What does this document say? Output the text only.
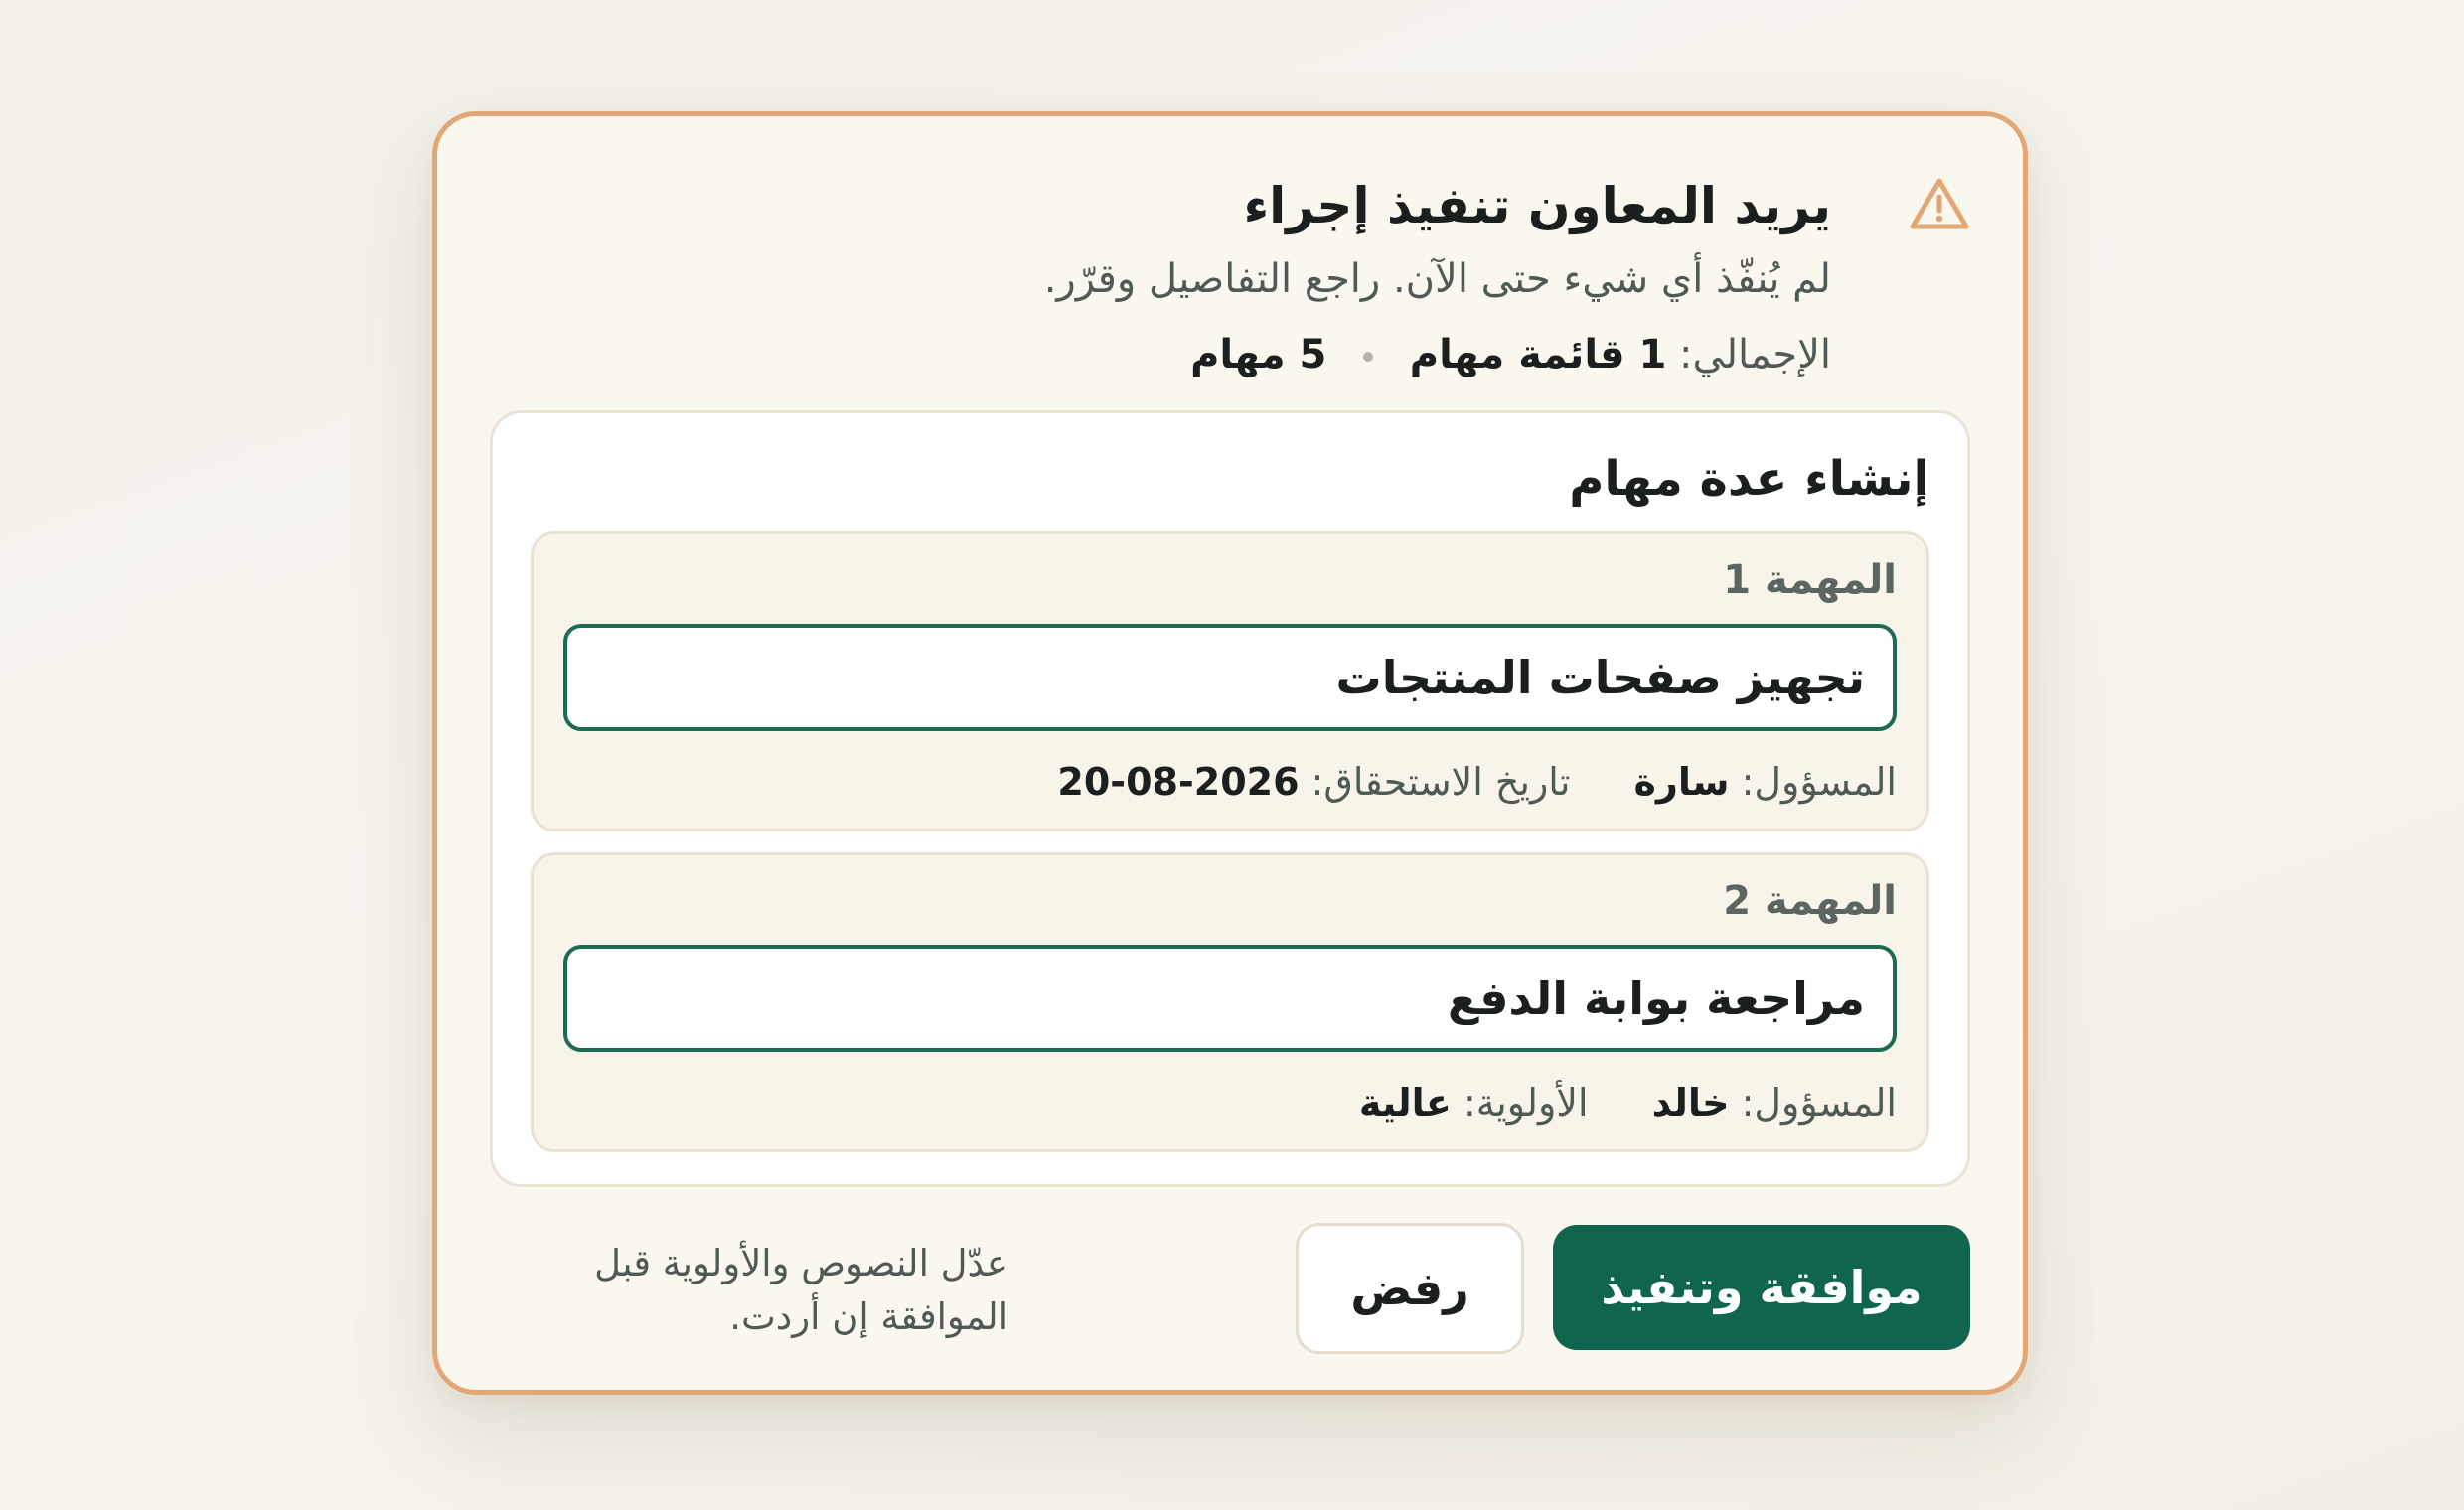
يريد المعاون تنفيذ إجراء

لم يُنفّذ أي شيء حتى الآن. راجع التفاصيل وقرّر.

الإجمالي: 1 قائمة مهام  5 مهام

إنشاء عدة مهام

المهمة 1

تجهيز صفحات المنتجات

المسؤول: سارة تاريخ الاستحقاق: 2026-08-20

المهمة 2

مراجعة بوابة الدفع

المسؤول: خالد الأولوية: عالية

موافقة وتنفيذ
رفض

عدّل النصوص والأولوية قبل الموافقة إن أردت.
